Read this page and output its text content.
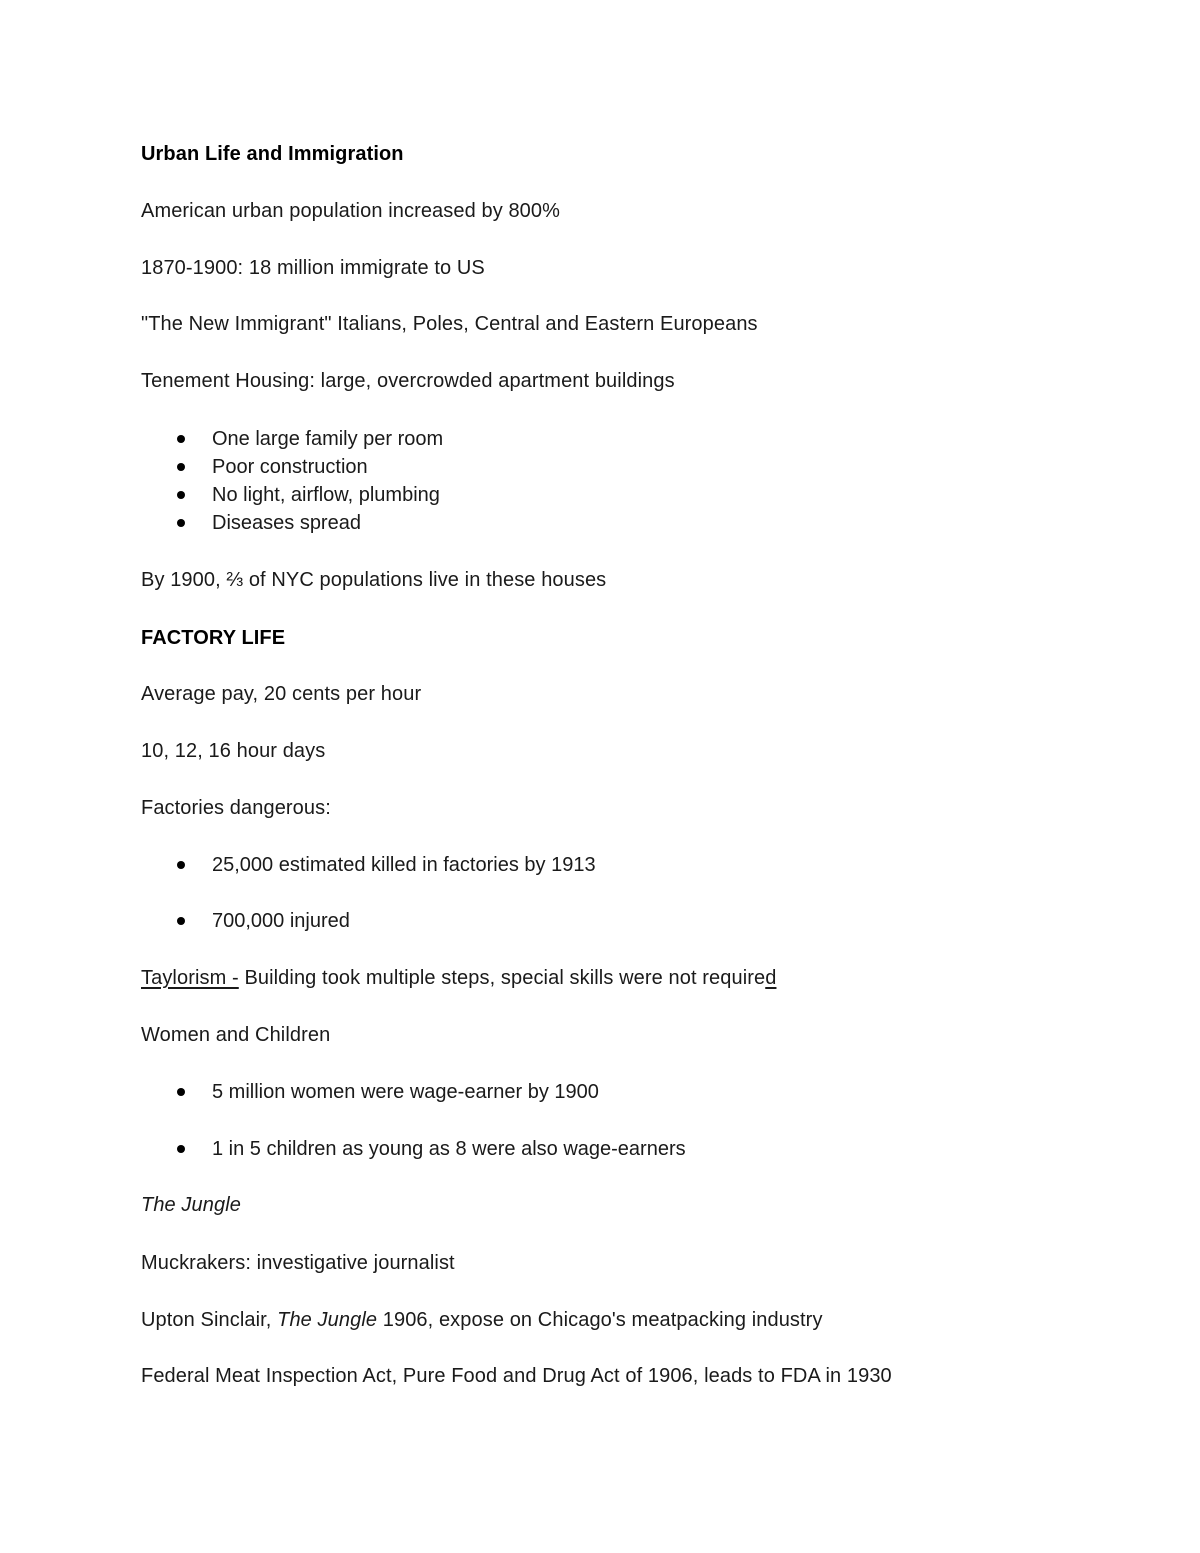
Urban Life and Immigration
American urban population increased by 800%
1870-1900: 18 million immigrate to US
"The New Immigrant" Italians, Poles, Central and Eastern Europeans
Tenement Housing: large, overcrowded apartment buildings
One large family per room
Poor construction
No light, airflow, plumbing
Diseases spread
By 1900, ⅔ of NYC populations live in these houses
FACTORY LIFE
Average pay, 20 cents per hour
10, 12, 16 hour days
Factories dangerous:
25,000 estimated killed in factories by 1913
700,000 injured
Taylorism - Building took multiple steps, special skills were not required
Women and Children
5 million women were wage-earner by 1900
1 in 5 children as young as 8 were also wage-earners
The Jungle
Muckrakers: investigative journalist
Upton Sinclair, The Jungle 1906, expose on Chicago's meatpacking industry
Federal Meat Inspection Act, Pure Food and Drug Act of 1906, leads to FDA in 1930
